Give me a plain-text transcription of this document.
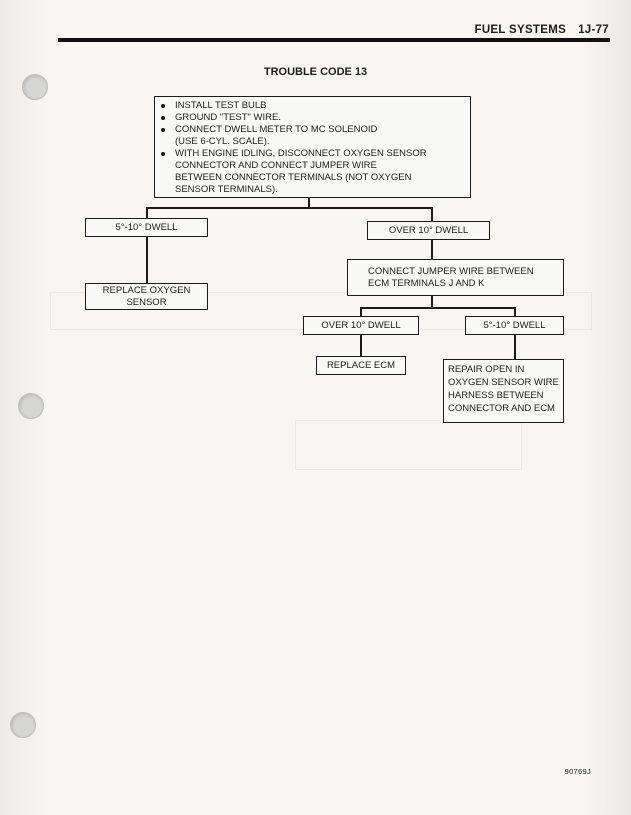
FUEL SYSTEMS 1J-77
TROUBLE CODE 13
INSTALL TEST BULB
GROUND "TEST" WIRE.
CONNECT DWELL METER TO MC SOLENOID
(USE 6-CYL. SCALE).
WITH ENGINE IDLING, DISCONNECT OXYGEN SENSOR
CONNECTOR AND CONNECT JUMPER WIRE
BETWEEN CONNECTOR TERMINALS (NOT OXYGEN
SENSOR TERMINALS).
5°-10° DWELL	OVER 10° DWELL
REPLACE OXYGEN SENSOR
CONNECT JUMPER WIRE BETWEEN ECM TERMINALS J AND K
OVER 10° DWELL	5°-10° DWELL
REPLACE ECM	REPAIR OPEN IN OXYGEN SENSOR WIRE HARNESS BETWEEN CONNECTOR AND ECM
90769J
